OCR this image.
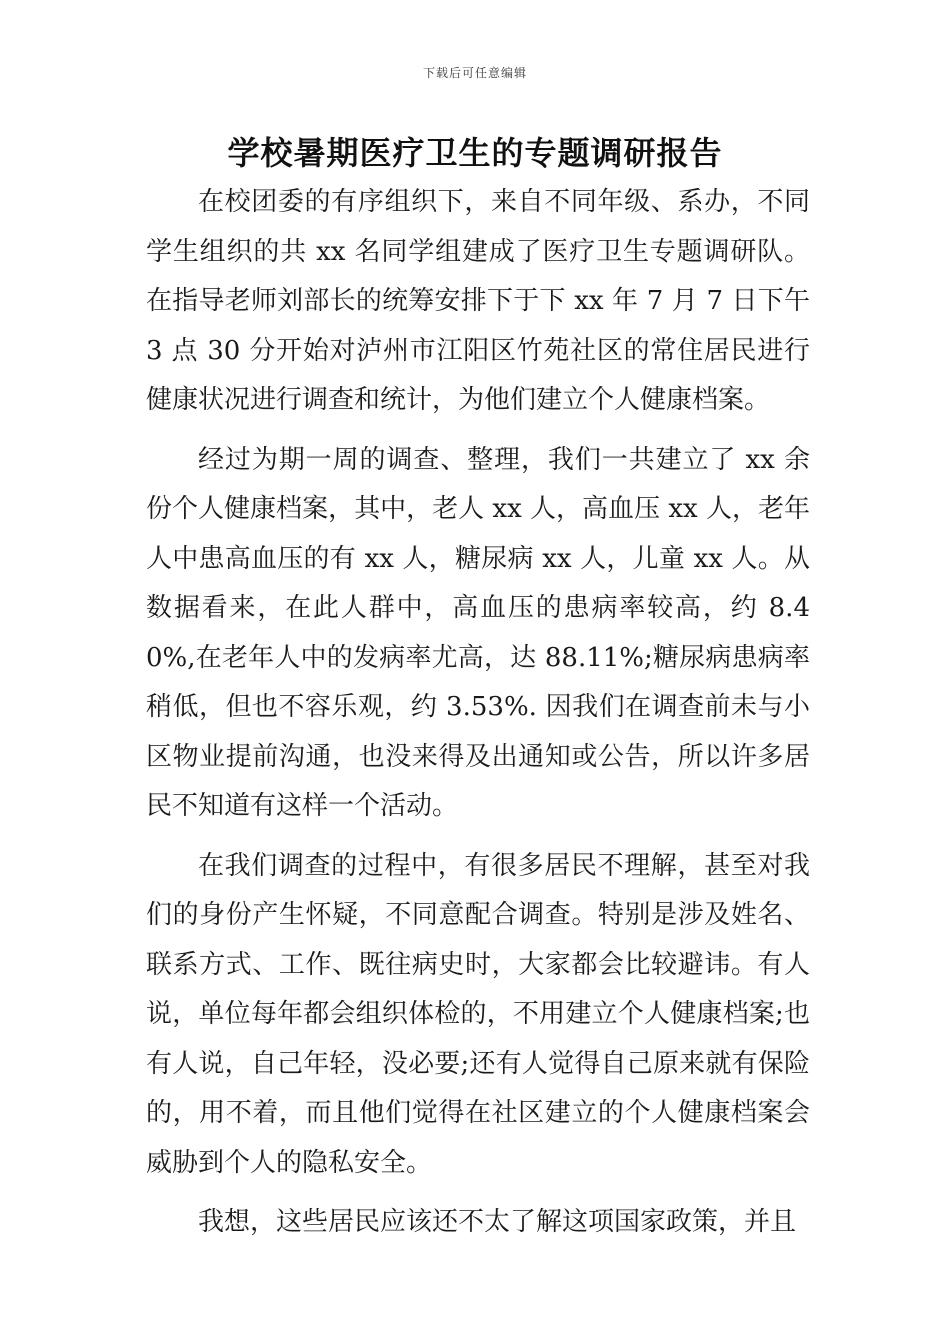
下载后可任意编辑
学校暑期医疗卫生的专题调研报告

在校团委的有序组织下，来自不同年级、系办，不同学生组织的共 xx 名同学组建成了医疗卫生专题调研队。在指导老师刘部长的统筹安排下于下 xx 年 7 月 7 日下午 3 点 30 分开始对泸州市江阳区竹苑社区的常住居民进行健康状况进行调查和统计，为他们建立个人健康档案。

经过为期一周的调查、整理，我们一共建立了 xx 余份个人健康档案，其中，老人 xx 人，高血压 xx 人，老年人中患高血压的有 xx 人，糖尿病 xx 人，儿童 xx 人。从数据看来，在此人群中，高血压的患病率较高，约 8.40%,在老年人中的发病率尤高，达 88.11%;糖尿病患病率稍低，但也不容乐观，约 3.53%. 因我们在调查前未与小区物业提前沟通，也没来得及出通知或公告，所以许多居民不知道有这样一个活动。

在我们调查的过程中，有很多居民不理解，甚至对我们的身份产生怀疑，不同意配合调查。特别是涉及姓名、联系方式、工作、既往病史时，大家都会比较避讳。有人说，单位每年都会组织体检的，不用建立个人健康档案;也有人说，自己年轻，没必要;还有人觉得自己原来就有保险的，用不着，而且他们觉得在社区建立的个人健康档案会威胁到个人的隐私安全。

我想，这些居民应该还不太了解这项国家政策，并且
